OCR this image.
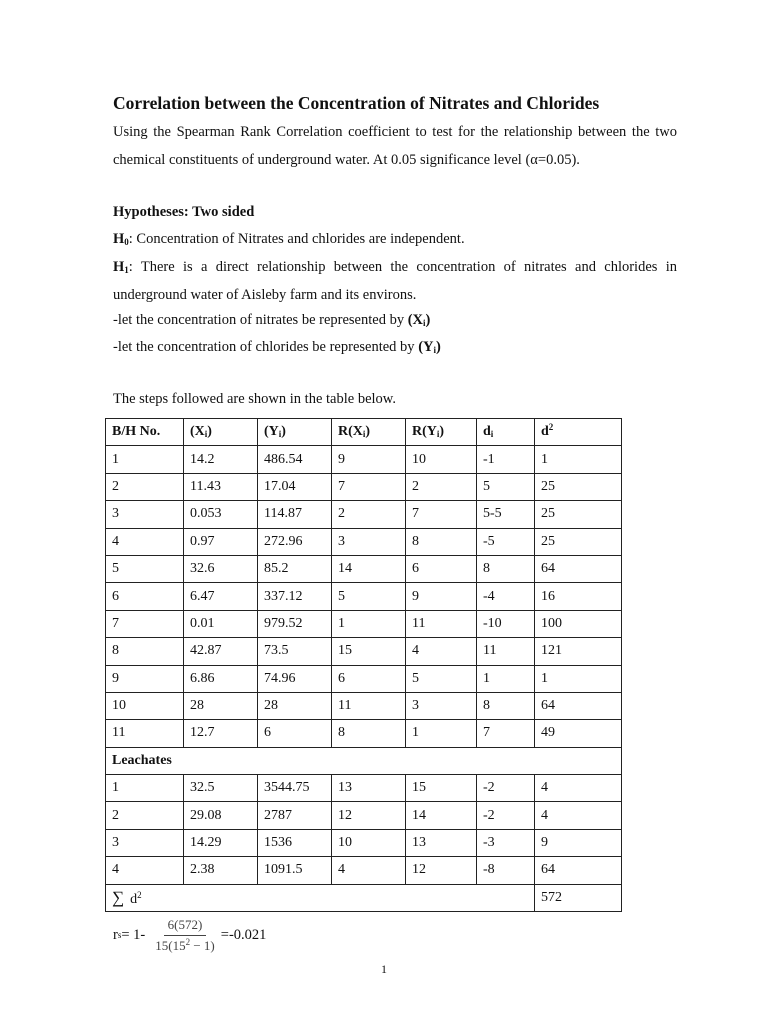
Correlation between the Concentration of Nitrates and Chlorides

Using the Spearman Rank Correlation coefficient to test for the relationship between the two chemical constituents of underground water. At 0.05 significance level (α=0.05).

Hypotheses: Two sided

$H_0$: Concentration of Nitrates and chlorides are independent.

$H_1$: There is a direct relationship between the concentration of nitrates and chlorides in underground water of Aisleby farm and its environs.

-let the concentration of nitrates be represented by $(X_i)$

-let the concentration of chlorides be represented by $(Y_i)$

The steps followed are shown in the table below.

B/H No.	$(X_i)$	$(Y_i)$	$R(X_i)$	$R(Y_i)$	$d_i$	$d^2$
1	14.2	486.54	9	10	-1	1
2	11.43	17.04	7	2	5	25
3	0.053	114.87	2	7	5-5	25
4	0.97	272.96	3	8	-5	25
5	32.6	85.2	14	6	8	64
6	6.47	337.12	5	9	-4	16
7	0.01	979.52	1	11	-10	100
8	42.87	73.5	15	4	11	121
9	6.86	74.96	6	5	1	1
10	28	28	11	3	8	64
11	12.7	6	8	1	7	49
Leachates						
1	32.5	3544.75	13	15	-2	4
2	29.08	2787	12	14	-2	4
3	14.29	1536	10	13	-3	9
4	2.38	1091.5	4	12	-8	64
∑ $d^2$						572
r $s = 1- \frac{6(572)}{15(15^2 - 1)} =-0.021$
1
